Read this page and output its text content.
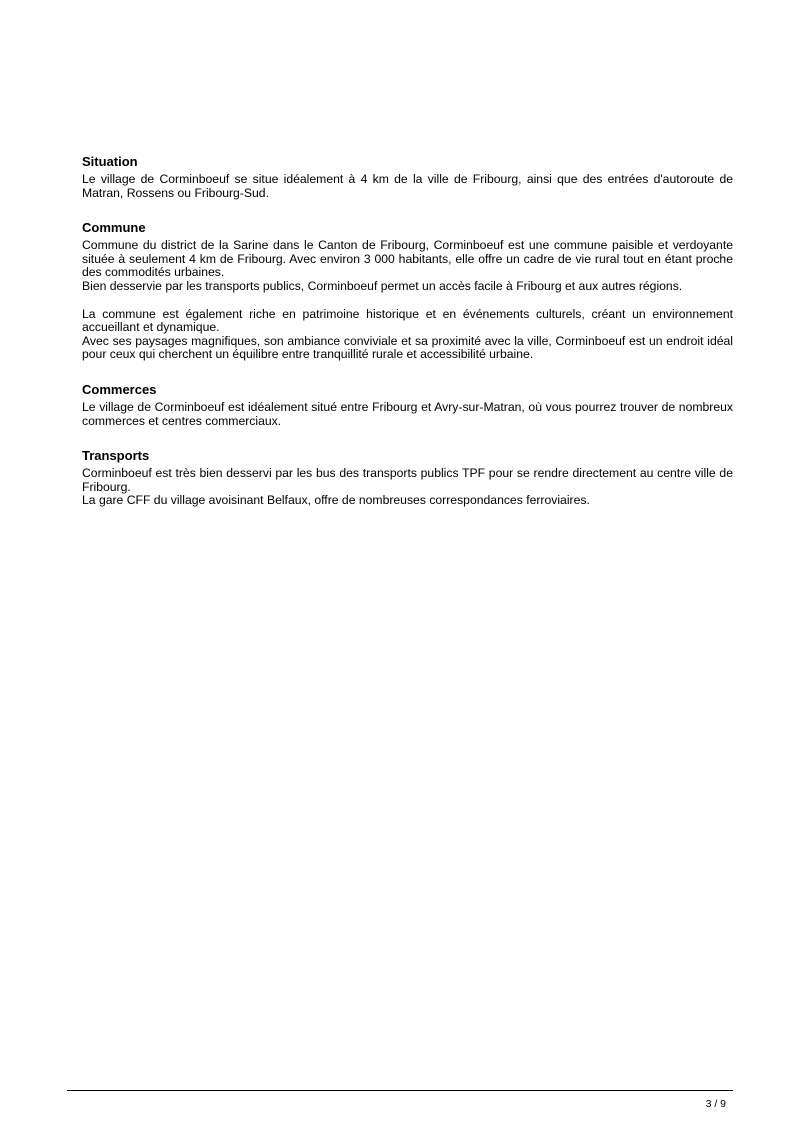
Situation

Le village de Corminboeuf se situe idéalement à 4 km de la ville de Fribourg, ainsi que des entrées d'autoroute de Matran, Rossens ou Fribourg-Sud.

Commune

Commune du district de la Sarine dans le Canton de Fribourg, Corminboeuf est une commune paisible et verdoyante située à seulement 4 km de Fribourg. Avec environ 3 000 habitants, elle offre un cadre de vie rural tout en étant proche des commodités urbaines.

Bien desservie par les transports publics, Corminboeuf permet un accès facile à Fribourg et aux autres régions.

La commune est également riche en patrimoine historique et en événements culturels, créant un environnement accueillant et dynamique.

Avec ses paysages magnifiques, son ambiance conviviale et sa proximité avec la ville, Corminboeuf est un endroit idéal pour ceux qui cherchent un équilibre entre tranquillité rurale et accessibilité urbaine.

Commerces

Le village de Corminboeuf est idéalement situé entre Fribourg et Avry-sur-Matran, où vous pourrez trouver de nombreux commerces et centres commerciaux.

Transports

Corminboeuf est très bien desservi par les bus des transports publics TPF pour se rendre directement au centre ville de Fribourg.

La gare CFF du village avoisinant Belfaux, offre de nombreuses correspondances ferroviaires.

3 / 9
